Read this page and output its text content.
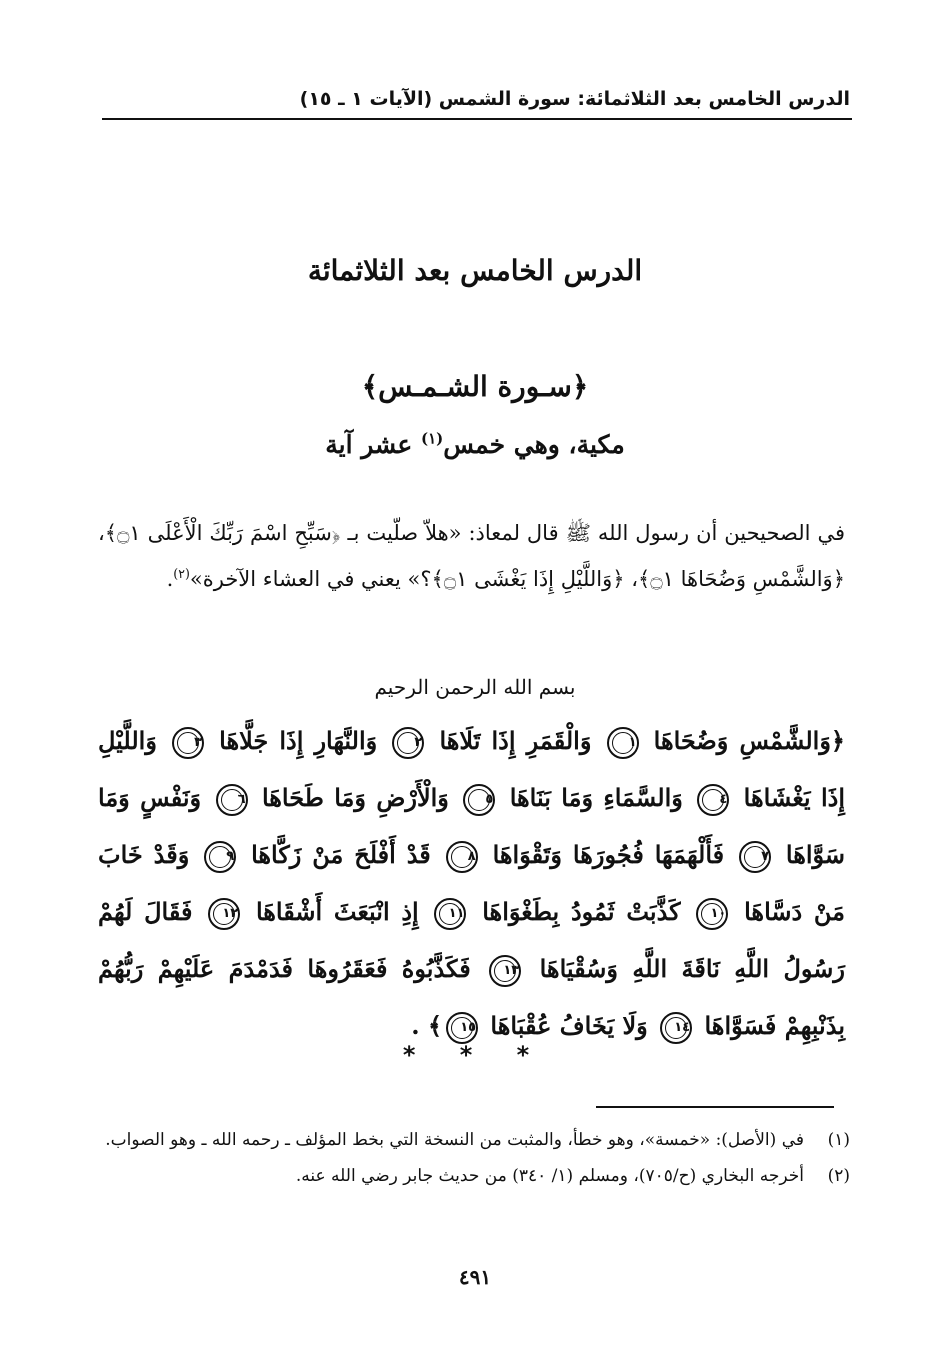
الدرس الخامس بعد الثلاثمائة: سورة الشمس (الآيات ١ ـ ١٥)
الدرس الخامس بعد الثلاثمائة
﴿سـورة الشـمـس﴾
مكية، وهي خمس$^{(١)}$ عشر آية

في الصحيحين أن رسول الله ﷺ قال لمعاذ: «هلاّ صلّيت بـ ﴿سَبِّحِ اسْمَ رَبِّكَ الْأَعْلَى ۝١﴾، ﴿وَالشَّمْسِ وَضُحَاهَا ۝١﴾، ﴿وَاللَّيْلِ إِذَا يَغْشَى ۝١﴾؟» يعني في العشاء الآخرة»$^{(٢)}$.

بسم الله الرحمن الرحيم

﴿وَالشَّمْسِ وَضُحَاهَا ١ وَالْقَمَرِ إِذَا تَلَاهَا ٢ وَالنَّهَارِ إِذَا جَلَّاهَا ٣ وَاللَّيْلِ إِذَا يَغْشَاهَا ٤ وَالسَّمَاءِ وَمَا بَنَاهَا ٥ وَالْأَرْضِ وَمَا طَحَاهَا ٦ وَنَفْسٍ وَمَا سَوَّاهَا ٧ فَأَلْهَمَهَا فُجُورَهَا وَتَقْوَاهَا ٨ قَدْ أَفْلَحَ مَنْ زَكَّاهَا ٩ وَقَدْ خَابَ مَنْ دَسَّاهَا ١٠ كَذَّبَتْ ثَمُودُ بِطَغْوَاهَا ١١ إِذِ انْبَعَثَ أَشْقَاهَا ١٢ فَقَالَ لَهُمْ رَسُولُ اللَّهِ نَاقَةَ اللَّهِ وَسُقْيَاهَا ١٣ فَكَذَّبُوهُ فَعَقَرُوهَا فَدَمْدَمَ عَلَيْهِمْ رَبُّهُمْ بِذَنْبِهِمْ فَسَوَّاهَا ١٤ وَلَا يَخَافُ عُقْبَاهَا ١٥﴾ .

* * *
(١)
في (الأصل): «خمسة»، وهو خطأ، والمثبت من النسخة التي بخط المؤلف ـ رحمه الله ـ وهو الصواب.
(٢)
أخرجه البخاري (ح/٧٠٥)، ومسلم (١/ ٣٤٠) من حديث جابر رضي الله عنه.
٤٩١
